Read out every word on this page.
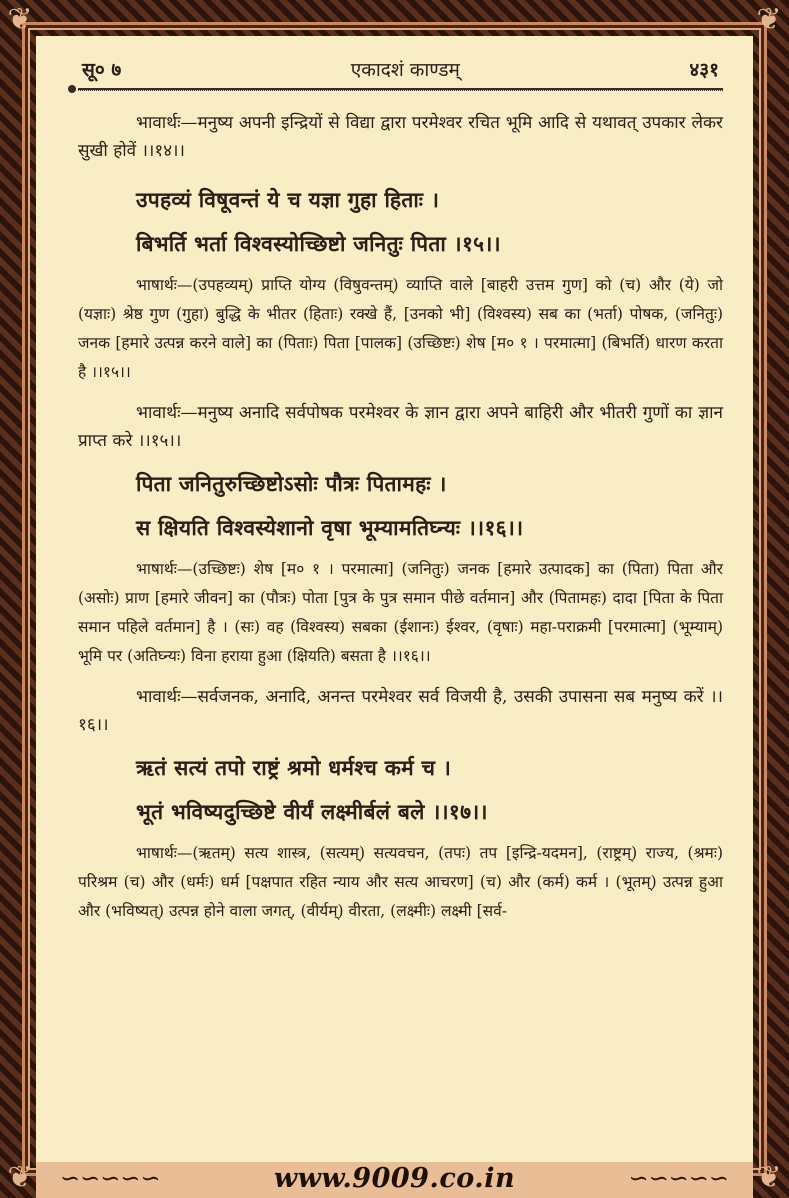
❦	❦
❦	❦
सू० ७	एकादशं काण्डम्	४३१

भावार्थः—मनुष्य अपनी इन्द्रियों से विद्या द्वारा परमेश्वर रचित भूमि आदि से यथावत् उपकार लेकर सुखी होवें ।।१४।।

उपहव्यं विषूवन्तं ये च यज्ञा गुहा हिताः ।
बिभर्ति भर्ता विश्वस्योच्छिष्टो जनितुः पिता ।१५।।

भाषार्थः—(उपहव्यम्) प्राप्ति योग्य (विषुवन्तम्) व्याप्ति वाले [बाहरी उत्तम गुण] को (च) और (ये) जो (यज्ञाः) श्रेष्ठ गुण (गुहा) बुद्धि के भीतर (हिताः) रक्खे हैं, [उनको भी] (विश्वस्य) सब का (भर्ता) पोषक, (जनितुः) जनक [हमारे उत्पन्न करने वाले] का (पिताः) पिता [पालक] (उच्छिष्टः) शेष [म० १ । परमात्मा] (बिभर्ति) धारण करता है ।।१५।।

भावार्थः—मनुष्य अनादि सर्वपोषक परमेश्वर के ज्ञान द्वारा अपने बाहिरी और भीतरी गुणों का ज्ञान प्राप्त करे ।।१५।।

पिता जनितुरुच्छिष्टोऽसोः पौत्रः पितामहः ।
स क्षियति विश्वस्येशानो वृषा भूम्यामतिघ्न्यः ।।१६।।

भाषार्थः—(उच्छिष्टः) शेष [म० १ । परमात्मा] (जनितुः) जनक [हमारे उत्पादक] का (पिता) पिता और (असोः) प्राण [हमारे जीवन] का (पौत्रः) पोता [पुत्र के पुत्र समान पीछे वर्तमान] और (पितामहः) दादा [पिता के पिता समान पहिले वर्तमान] है । (सः) वह (विश्वस्य) सबका (ईशानः) ईश्वर, (वृषाः) महा-पराक्रमी [परमात्मा] (भूम्याम्) भूमि पर (अतिघ्न्यः) विना हराया हुआ (क्षियति) बसता है ।।१६।।

भावार्थः—सर्वजनक, अनादि, अनन्त परमेश्वर सर्व विजयी है, उसकी उपासना सब मनुष्य करें ।।१६।।

ऋतं सत्यं तपो राष्ट्रं श्रमो धर्मश्च कर्म च ।
भूतं भविष्यदुच्छिष्टे वीर्यं लक्ष्मीर्बलं बले ।।१७।।

भाषार्थः—(ऋतम्) सत्य शास्त्र, (सत्यम्) सत्यवचन, (तपः) तप [इन्द्रि-यदमन], (राष्ट्रम्) राज्य, (श्रमः) परिश्रम (च) और (धर्मः) धर्म [पक्षपात रहित न्याय और सत्य आचरण] (च) और (कर्म) कर्म । (भूतम्) उत्पन्न हुआ और (भविष्यत्) उत्पन्न होने वाला जगत्, (वीर्यम्) वीरता, (लक्ष्मीः) लक्ष्मी [सर्व-

∽∽∽∽∽	∽∽∽∽∽
www.9009.co.in
